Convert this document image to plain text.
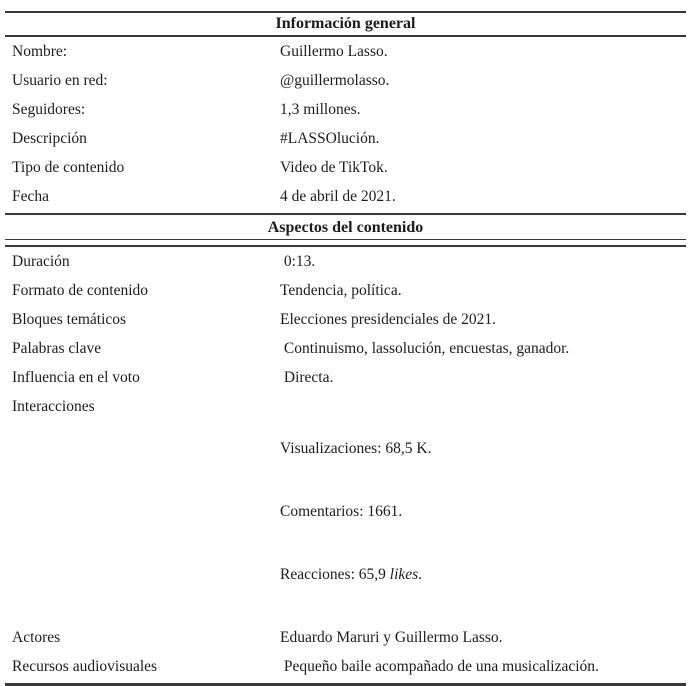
Información general
Nombre:	Guillermo Lasso.
Usuario en red:	@guillermolasso.
Seguidores:	1,3 millones.
Descripción	#LASSOlución.
Tipo de contenido	Video de TikTok.
Fecha	4 de abril de 2021.
Aspectos del contenido
Duración	0:13.
Formato de contenido	Tendencia, política.
Bloques temáticos	Elecciones presidenciales de 2021.
Palabras clave	Continuismo, lassolución, encuestas, ganador.
Influencia en el voto	Directa.
Interacciones

Visualizaciones: 68,5 K.

Comentarios: 1661.

Reacciones: 65,9 likes.

Actores	Eduardo Maruri y Guillermo Lasso.
Recursos audiovisuales	Pequeño baile acompañado de una musicalización.
